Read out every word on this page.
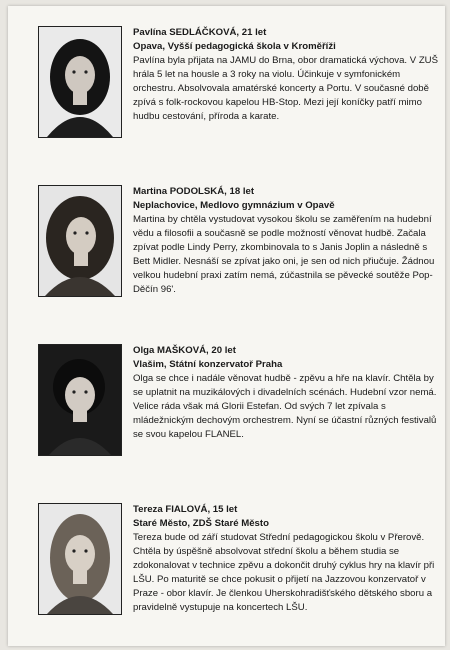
Pavlína SEDLÁČKOVÁ, 21 let
Opava, Vyšší pedagogická škola v Kroměříži
Pavlína byla přijata na JAMU do Brna, obor dramatická výchova. V ZUŠ hrála 5 let na housle a 3 roky na violu. Účinkuje v symfonickém orchestru. Absolvovala amatérské koncerty a Portu. V současné době zpívá s folk-rockovou kapelou HB-Stop. Mezi její koníčky patří mimo hudbu cestování, příroda a karate.
Martina PODOLSKÁ, 18 let
Neplachovice, Medlovo gymnázium v Opavě
Martina by chtěla vystudovat vysokou školu se zaměřením na hudební vědu a filosofii a současně se podle možností věnovat hudbě. Začala zpívat podle Lindy Perry, zkombinovala to s Janis Joplin a následně s Bett Midler. Nesnáší se zpívat jako oni, je sen od nich přiučuje. Žádnou velkou hudební praxi zatím nemá, zúčastnila se pěvecké soutěže Pop-Děčín 96'.
Olga MAŠKOVÁ, 20 let
Vlašim, Státní konzervatoř Praha
Olga se chce i nadále věnovat hudbě - zpěvu a hře na klavír. Chtěla by se uplatnit na muzikálových i divadelních scénách. Hudební vzor nemá. Velice ráda však má Glorii Estefan. Od svých 7 let zpívala s mládežnickým dechovým orchestrem. Nyní se účastní různých festivalů se svou kapelou FLANEL.
Tereza FIALOVÁ, 15 let
Staré Město, ZDŠ Staré Město
Tereza bude od září studovat Střední pedagogickou školu v Přerově. Chtěla by úspěšně absolvovat střední školu a během studia se zdokonalovat v technice zpěvu a dokončit druhý cyklus hry na klavír při LŠU. Po maturitě se chce pokusit o přijetí na Jazzovou konzervatoř v Praze - obor klavír. Je členkou Uherskohradišťského dětského sboru a pravidelně vystupuje na koncertech LŠU.
